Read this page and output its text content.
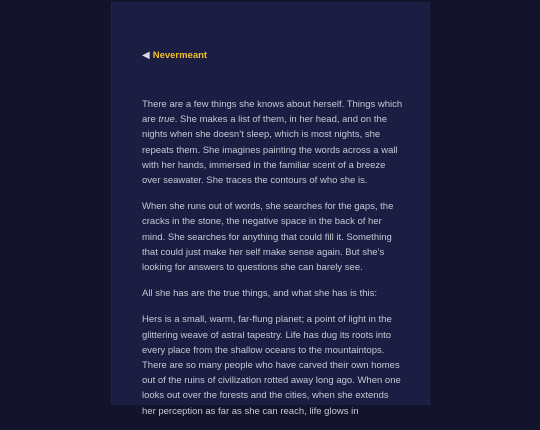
◀ Nevermeant

There are a few things she knows about herself. Things which are true. She makes a list of them, in her head, and on the nights when she doesn’t sleep, which is most nights, she repeats them. She imagines painting the words across a wall with her hands, immersed in the familiar scent of a breeze over seawater. She traces the contours of who she is.

When she runs out of words, she searches for the gaps, the cracks in the stone, the negative space in the back of her mind. She searches for anything that could fill it. Something that could just make her self make sense again. But she’s looking for answers to questions she can barely see.

All she has are the true things, and what she has is this:

Hers is a small, warm, far-flung planet; a point of light in the glittering weave of astral tapestry. Life has dug its roots into every place from the shallow oceans to the mountaintops. There are so many people who have carved their own homes out of the ruins of civilization rotted away long ago. When one looks out over the forests and the cities, when she extends her perception as far as she can reach, life glows in
